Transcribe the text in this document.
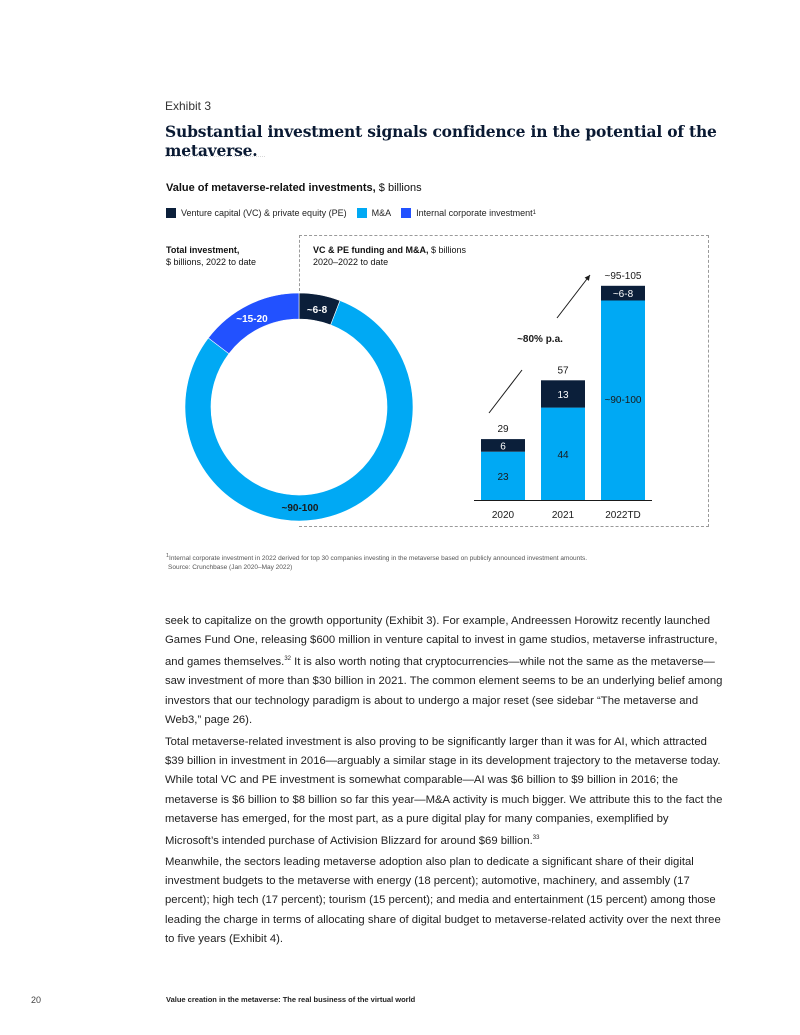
Exhibit 3
Substantial investment signals confidence in the potential of the metaverse.
Value of metaverse-related investments, $ billions
Venture capital (VC) & private equity (PE)	M&A	Internal corporate investment 1
Total investment,
$ billions, 2022 to date
VC & PE funding and M&A, $ billions
2020–2022 to date
~6-8
~90-100
~15-20
23
6
29
2020
44
13
57
2021
~90-100
~6-8
~95-105
2022TD
~80% p.a.
$^1$Internal corporate investment in 2022 derived for top 30 companies investing in the metaverse based on publicly announced investment amounts.
Source: Crunchbase (Jan 2020–May 2022)
seek to capitalize on the growth opportunity (Exhibit 3). For example, Andreessen Horowitz recently launched Games Fund One, releasing $600 million in venture capital to invest in game studios, metaverse infrastructure, and games themselves.$^{32}$ It is also worth noting that cryptocurrencies—while not the same as the metaverse—saw investment of more than $30 billion in 2021. The common element seems to be an underlying belief among investors that our technology paradigm is about to undergo a major reset (see sidebar “The metaverse and Web3,” page 26).
Total metaverse-related investment is also proving to be significantly larger than it was for AI, which attracted $39 billion in investment in 2016—arguably a similar stage in its development trajectory to the metaverse today. While total VC and PE investment is somewhat comparable—AI was $6 billion to $9 billion in 2016; the metaverse is $6 billion to $8 billion so far this year—M&A activity is much bigger. We attribute this to the fact the metaverse has emerged, for the most part, as a pure digital play for many companies, exemplified by Microsoft’s intended purchase of Activision Blizzard for around $69 billion.$^{33}$
Meanwhile, the sectors leading metaverse adoption also plan to dedicate a significant share of their digital investment budgets to the metaverse with energy (18 percent); automotive, machinery, and assembly (17 percent); high tech (17 percent); tourism (15 percent); and media and entertainment (15 percent) among those leading the charge in terms of allocating share of digital budget to metaverse-related activity over the next three to five years (Exhibit 4).
20	Value creation in the metaverse: The real business of the virtual world
